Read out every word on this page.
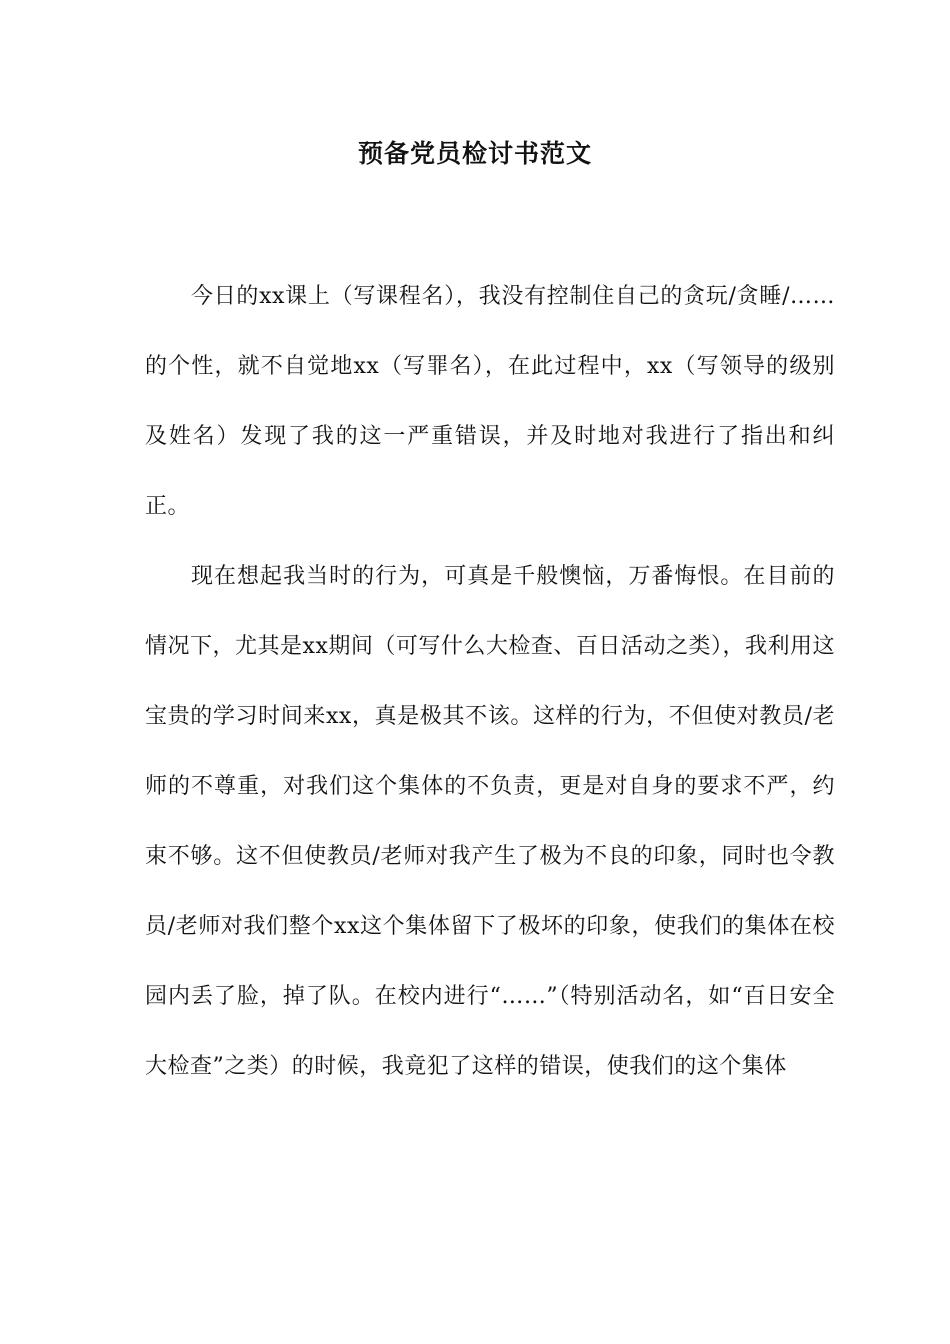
预备党员检讨书范文

今日的xx课上（写课程名），我没有控制住自己的贪玩/贪睡/……的个性，就不自觉地xx（写罪名），在此过程中，xx（写领导的级别及姓名）发现了我的这一严重错误，并及时地对我进行了指出和纠正。

现在想起我当时的行为，可真是千般懊恼，万番悔恨。在目前的情况下，尤其是xx期间（可写什么大检查、百日活动之类），我利用这宝贵的学习时间来xx，真是极其不该。这样的行为，不但使对教员/老师的不尊重，对我们这个集体的不负责，更是对自身的要求不严，约束不够。这不但使教员/老师对我产生了极为不良的印象，同时也令教员/老师对我们整个xx这个集体留下了极坏的印象，使我们的集体在校园内丢了脸，掉了队。在校内进行“……”（特别活动名，如“百日安全大检查”之类）的时候，我竟犯了这样的错误，使我们的这个集体
